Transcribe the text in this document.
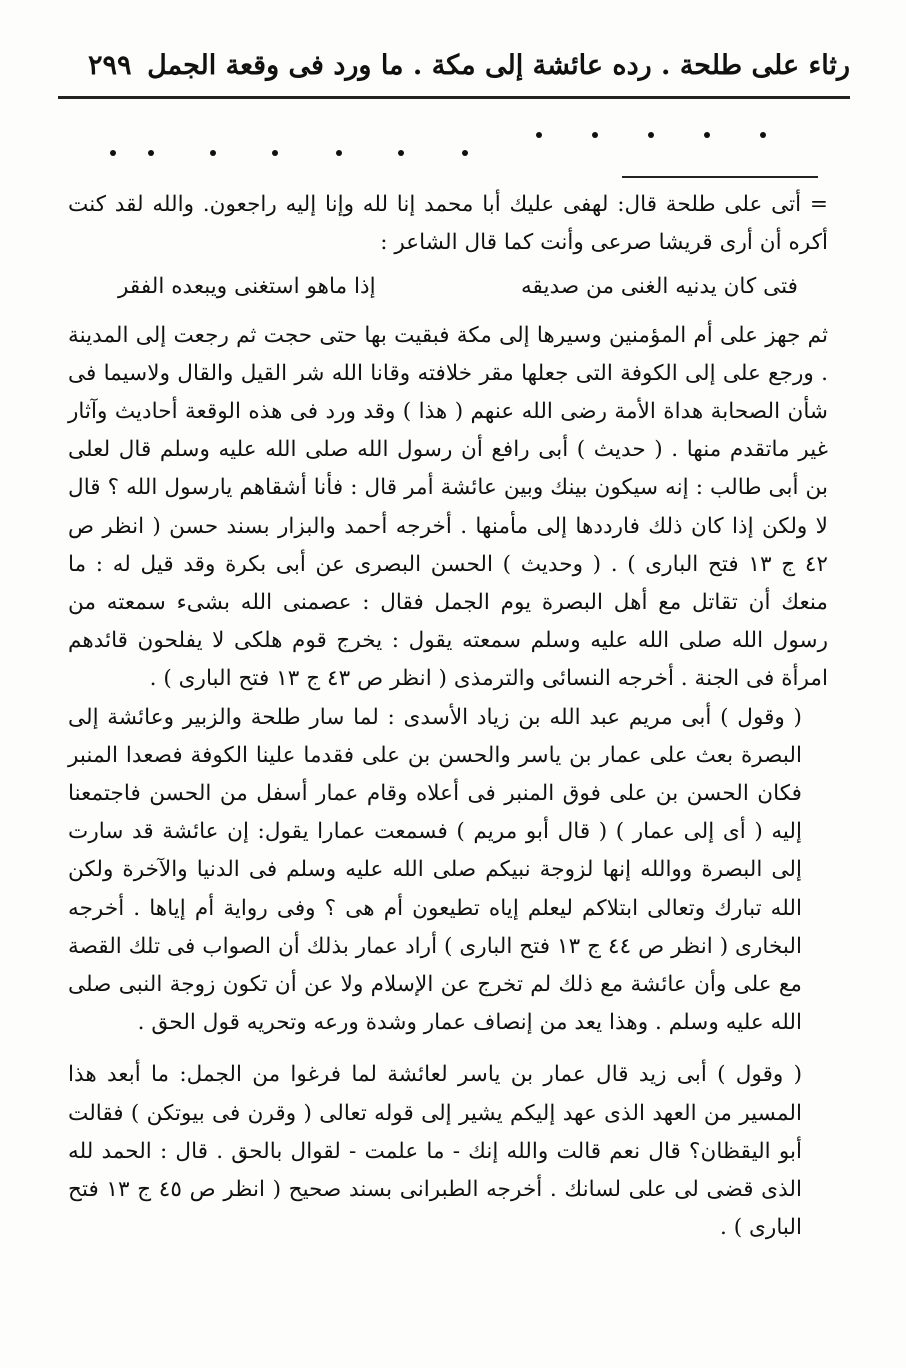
رثاء على طلحة . رده عائشة إلى مكة . ما ورد فى وقعة الجمل
٢٩٩

= أتى على طلحة قال: لهفى عليك أبا محمد إنا لله وإنا إليه راجعون. والله لقد كنت أكره أن أرى قريشا صرعى وأنت كما قال الشاعر :

فتى كان يدنيه الغنى من صديقه
إذا ماهو استغنى ويبعده الفقر

ثم جهز على أم المؤمنين وسيرها إلى مكة فبقيت بها حتى حجت ثم رجعت إلى المدينة . ورجع على إلى الكوفة التى جعلها مقر خلافته وقانا الله شر القيل والقال ولاسيما فى شأن الصحابة هداة الأمة رضى الله عنهم ( هذا ) وقد ورد فى هذه الوقعة أحاديث وآثار غير ماتقدم منها . ( حديث ) أبى رافع أن رسول الله صلى الله عليه وسلم قال لعلى بن أبى طالب : إنه سيكون بينك وبين عائشة أمر قال : فأنا أشقاهم يارسول الله ؟ قال لا ولكن إذا كان ذلك فارددها إلى مأمنها . أخرجه أحمد والبزار بسند حسن ( انظر ص ٤٢ ج ١٣ فتح البارى ) . ( وحديث ) الحسن البصرى عن أبى بكرة وقد قيل له : ما منعك أن تقاتل مع أهل البصرة يوم الجمل فقال : عصمنى الله بشىء سمعته من رسول الله صلى الله عليه وسلم سمعته يقول : يخرج قوم هلكى لا يفلحون قائدهم امرأة فى الجنة . أخرجه النسائى والترمذى ( انظر ص ٤٣ ج ١٣ فتح البارى ) .

( وقول ) أبى مريم عبد الله بن زياد الأسدى : لما سار طلحة والزبير وعائشة إلى البصرة بعث على عمار بن ياسر والحسن بن على فقدما علينا الكوفة فصعدا المنبر فكان الحسن بن على فوق المنبر فى أعلاه وقام عمار أسفل من الحسن فاجتمعنا إليه ( أى إلى عمار ) ( قال أبو مريم ) فسمعت عمارا يقول: إن عائشة قد سارت إلى البصرة ووالله إنها لزوجة نبيكم صلى الله عليه وسلم فى الدنيا والآخرة ولكن الله تبارك وتعالى ابتلاكم ليعلم إياه تطيعون أم هى ؟ وفى رواية أم إياها . أخرجه البخارى ( انظر ص ٤٤ ج ١٣ فتح البارى ) أراد عمار بذلك أن الصواب فى تلك القصة مع على وأن عائشة مع ذلك لم تخرج عن الإسلام ولا عن أن تكون زوجة النبى صلى الله عليه وسلم . وهذا يعد من إنصاف عمار وشدة ورعه وتحريه قول الحق .

( وقول ) أبى زيد قال عمار بن ياسر لعائشة لما فرغوا من الجمل: ما أبعد هذا المسير من العهد الذى عهد إليكم يشير إلى قوله تعالى ( وقرن فى بيوتكن ) فقالت أبو اليقظان؟ قال نعم قالت والله إنك - ما علمت - لقوال بالحق . قال : الحمد لله الذى قضى لى على لسانك . أخرجه الطبرانى بسند صحيح ( انظر ص ٤٥ ج ١٣ فتح البارى ) .
